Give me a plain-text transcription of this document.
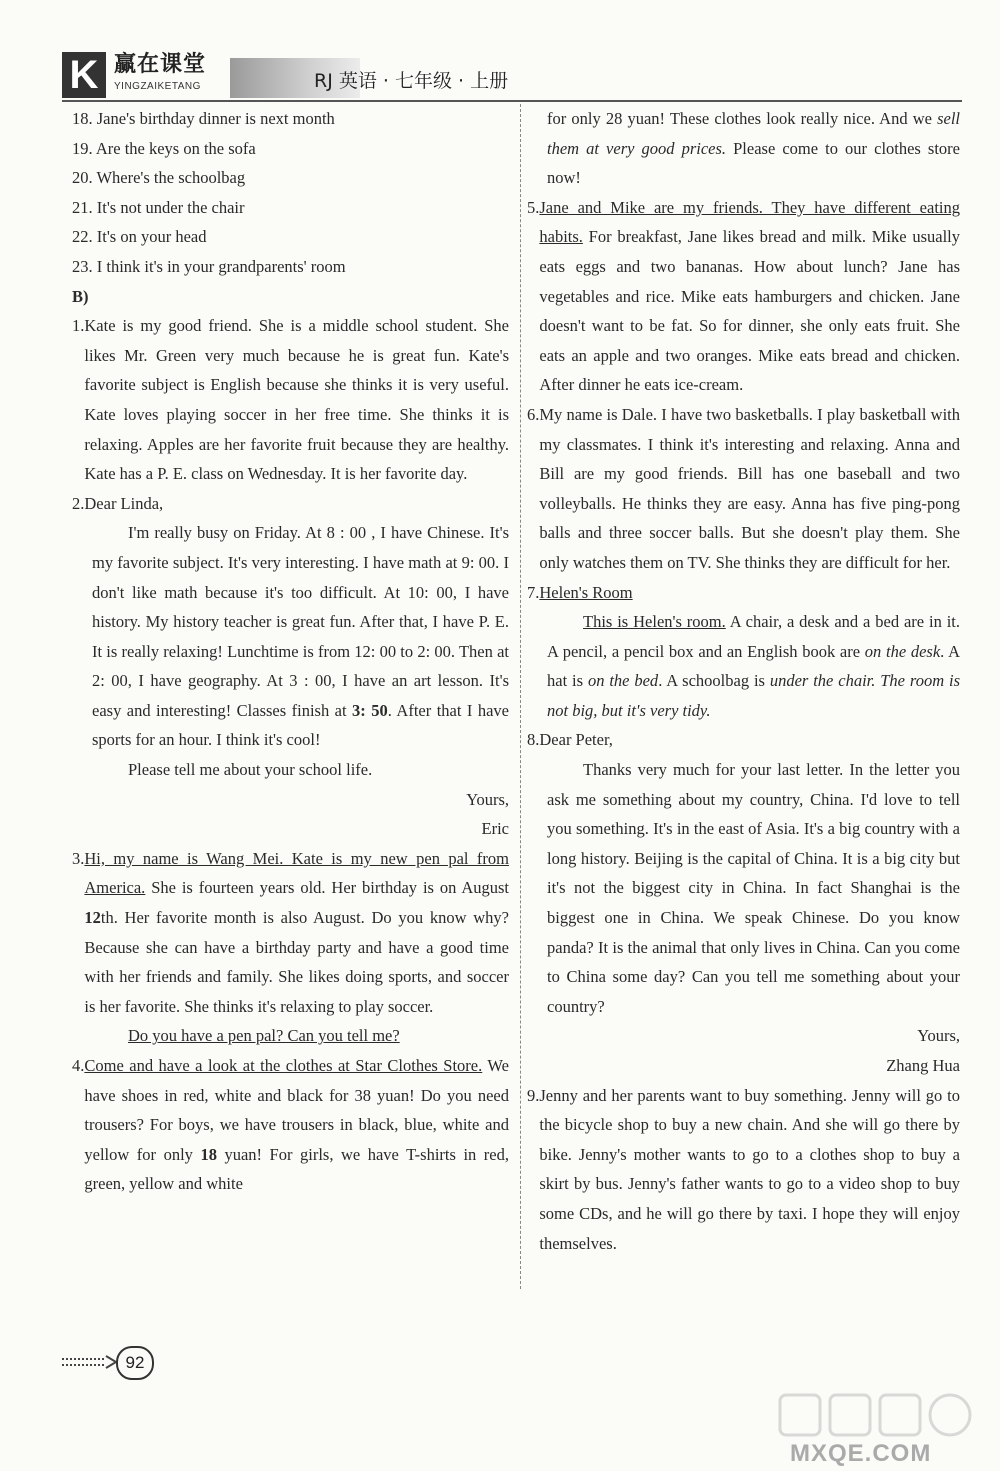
K 赢在课堂
YINGZAIKETANG	RJ 英语 · 七年级 · 上册
18. Jane's birthday dinner is next month
19. Are the keys on the sofa
20. Where's the schoolbag
21. It's not under the chair
22. It's on your head
23. I think it's in your grandparents' room
B)
1. Kate is my good friend. She is a middle school student. She likes Mr. Green very much because he is great fun. Kate's favorite subject is English because she thinks it is very useful. Kate loves playing soccer in her free time. She thinks it is relaxing. Apples are her favorite fruit because they are healthy. Kate has a P. E. class on Wednesday. It is her favorite day.
2. Dear Linda,
I'm really busy on Friday. At 8 : 00 , I have Chinese. It's my favorite subject. It's very interesting. I have math at 9: 00. I don't like math because it's too difficult. At 10: 00, I have history. My history teacher is great fun. After that, I have P. E. It is really relaxing! Lunchtime is from 12: 00 to 2: 00. Then at 2: 00, I have geography. At 3 : 00, I have an art lesson. It's easy and interesting! Classes finish at 3: 50. After that I have sports for an hour. I think it's cool!
Please tell me about your school life.
Yours,
Eric
3. Hi, my name is Wang Mei. Kate is my new pen pal from America. She is fourteen years old. Her birthday is on August 12th. Her favorite month is also August. Do you know why? Because she can have a birthday party and have a good time with her friends and family. She likes doing sports, and soccer is her favorite. She thinks it's relaxing to play soccer.
Do you have a pen pal? Can you tell me?
4. Come and have a look at the clothes at Star Clothes Store. We have shoes in red, white and black for 38 yuan! Do you need trousers? For boys, we have trousers in black, blue, white and yellow for only 18 yuan! For girls, we have T-shirts in red, green, yellow and white
for only 28 yuan! These clothes look really nice. And we sell them at very good prices. Please come to our clothes store now!
5. Jane and Mike are my friends. They have different eating habits. For breakfast, Jane likes bread and milk. Mike usually eats eggs and two bananas. How about lunch? Jane has vegetables and rice. Mike eats hamburgers and chicken. Jane doesn't want to be fat. So for dinner, she only eats fruit. She eats an apple and two oranges. Mike eats bread and chicken. After dinner he eats ice-cream.
6. My name is Dale. I have two basketballs. I play basketball with my classmates. I think it's interesting and relaxing. Anna and Bill are my good friends. Bill has one baseball and two volleyballs. He thinks they are easy. Anna has five ping-pong balls and three soccer balls. But she doesn't play them. She only watches them on TV. She thinks they are difficult for her.
7. Helen's Room
This is Helen's room. A chair, a desk and a bed are in it. A pencil, a pencil box and an English book are on the desk. A hat is on the bed. A schoolbag is under the chair. The room is not big, but it's very tidy.
8. Dear Peter,
Thanks very much for your last letter. In the letter you ask me something about my country, China. I'd love to tell you something. It's in the east of Asia. It's a big country with a long history. Beijing is the capital of China. It is a big city but it's not the biggest city in China. In fact Shanghai is the biggest one in China. We speak Chinese. Do you know panda? It is the animal that only lives in China. Can you come to China some day? Can you tell me something about your country?
Yours,
Zhang Hua
9. Jenny and her parents want to buy something. Jenny will go to the bicycle shop to buy a new chain. And she will go there by bike. Jenny's mother wants to go to a clothes shop to buy a skirt by bus. Jenny's father wants to go to a video shop to buy some CDs, and he will go there by taxi. I hope they will enjoy themselves.
92
MXQE.COM
